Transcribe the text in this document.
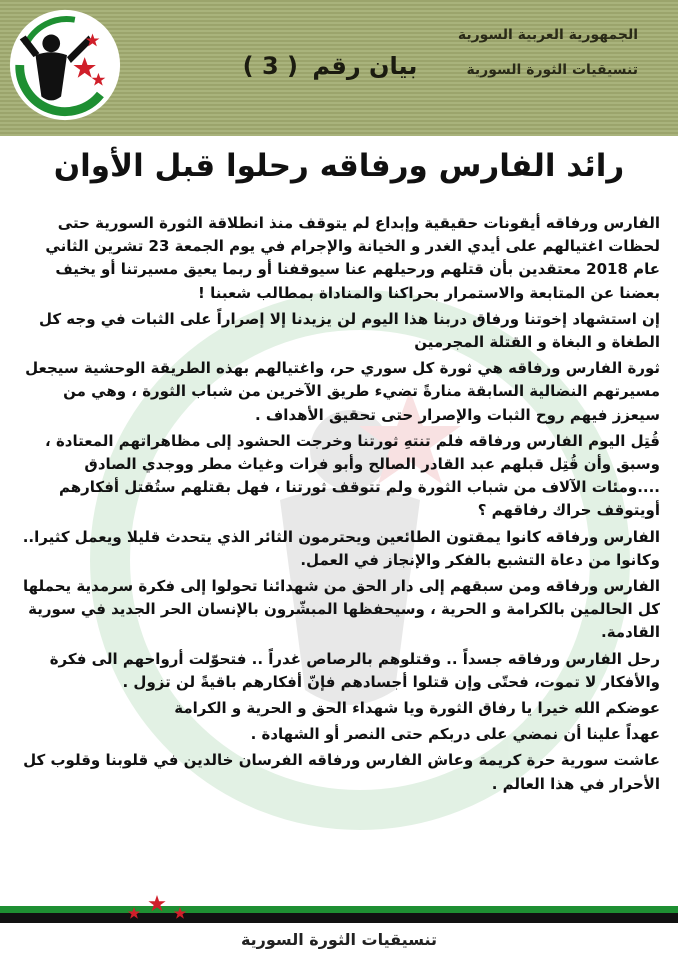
بيان رقم ( 3 )
الجمهورية العربية السورية
تنسيقيات الثورة السورية
رائد الفارس ورفاقه رحلوا قبل الأوان

الفارس ورفاقه أيقونات حقيقية وإبداع لم يتوقف منذ انطلاقة الثورة السورية حتى لحظات اغتيالهم على أيدي الغدر و الخيانة والإجرام في يوم الجمعة 23 تشرين الثاني عام 2018 معتقدين بأن قتلهم ورحيلهم عنا سيوقفنا أو ربما يعيق مسيرتنا أو يخيف بعضنا عن المتابعة والاستمرار بحراكنا والمناداة بمطالب شعبنا !

إن استشهاد إخوتنا ورفاق دربنا هذا اليوم لن يزيدنا إلا إصراراً على الثبات في وجه كل الطغاة و البغاة و القتلة المجرمين

ثورة الفارس ورفاقه هي ثورة كل سوري حر، واغتيالهم بهذه الطريقة الوحشية سيجعل مسيرتهم النضالية السابقة منارةً تضيء طريق الآخرين من شباب الثورة ، وهي من سيعزز فيهم روح الثبات والإصرار حتى تحقيق الأهداف .

قُتِل اليوم الفارس ورفاقه فلم تنتهِ ثورتنا وخرجت الحشود إلى مظاهراتهم المعتادة ، وسبق وأن قُتِل قبلهم عبد القادر الصالح وأبو فرات وغياث مطر ووجدي الصادق ....ومئات الآلاف من شباب الثورة ولم تتوقف ثورتنا ، فهل بقتلهم ستُقتل أفكارهم أويتوقف حراك رفاقهم ؟

الفارس ورفاقه كانوا يمقتون الطائعين ويحترمون الثائر الذي يتحدث قليلا ويعمل كثيرا.. وكانوا من دعاة التشبع بالفكر والإنجاز في العمل.

الفارس ورفاقه ومن سبقهم إلى دار الحق من شهدائنا تحولوا إلى فكرة سرمدية يحملها كل الحالمين بالكرامة و الحرية ، وسيحفظها المبشّرون بالإنسان الحر الجديد في سورية القادمة.

رحل الفارس ورفاقه جسداً .. وقتلوهم بالرصاص غدراً .. فتحوّلت أرواحهم الى فكرة والأفكار لا تموت، فحتّى وإن قتلوا أجسادهم فإنّ أفكارهم باقيةً لن تزول .

عوضكم الله خيرا يا رفاق الثورة ويا شهداء الحق و الحرية و الكرامة

عهداً علينا أن نمضي على دربكم حتى النصر أو الشهادة .

عاشت سورية حرة كريمة وعاش الفارس ورفاقه الفرسان خالدين في قلوبنا وقلوب كل الأحرار في هذا العالم .

تنسيقيات الثورة السورية
